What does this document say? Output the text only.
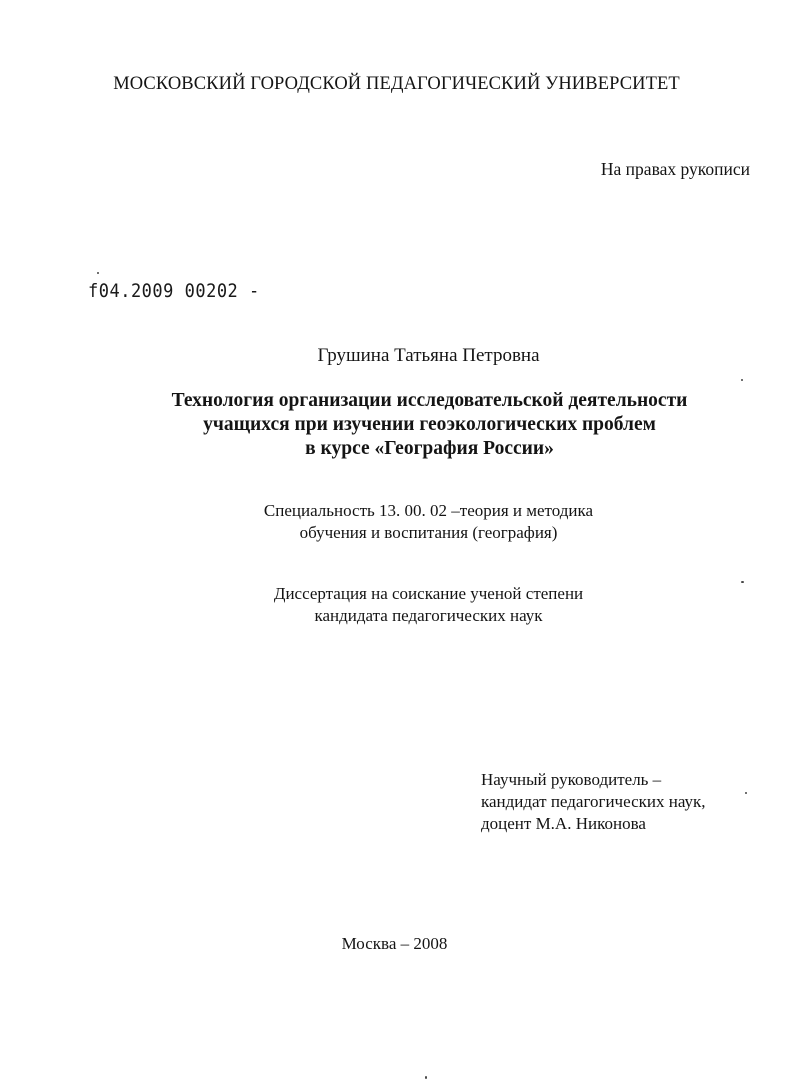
МОСКОВСКИЙ ГОРОДСКОЙ ПЕДАГОГИЧЕСКИЙ УНИВЕРСИТЕТ
На правах рукописи
f04.2009 00202 -
Грушина Татьяна Петровна
Технология организации исследовательской деятельности
учащихся при изучении геоэкологических проблем
в курсе «География России»
Специальность 13. 00. 02 –теория и методика
обучения и воспитания (география)
Диссертация на соискание ученой степени
кандидата педагогических наук
Научный руководитель –
кандидат педагогических наук,
доцент М.А. Никонова
Москва – 2008
